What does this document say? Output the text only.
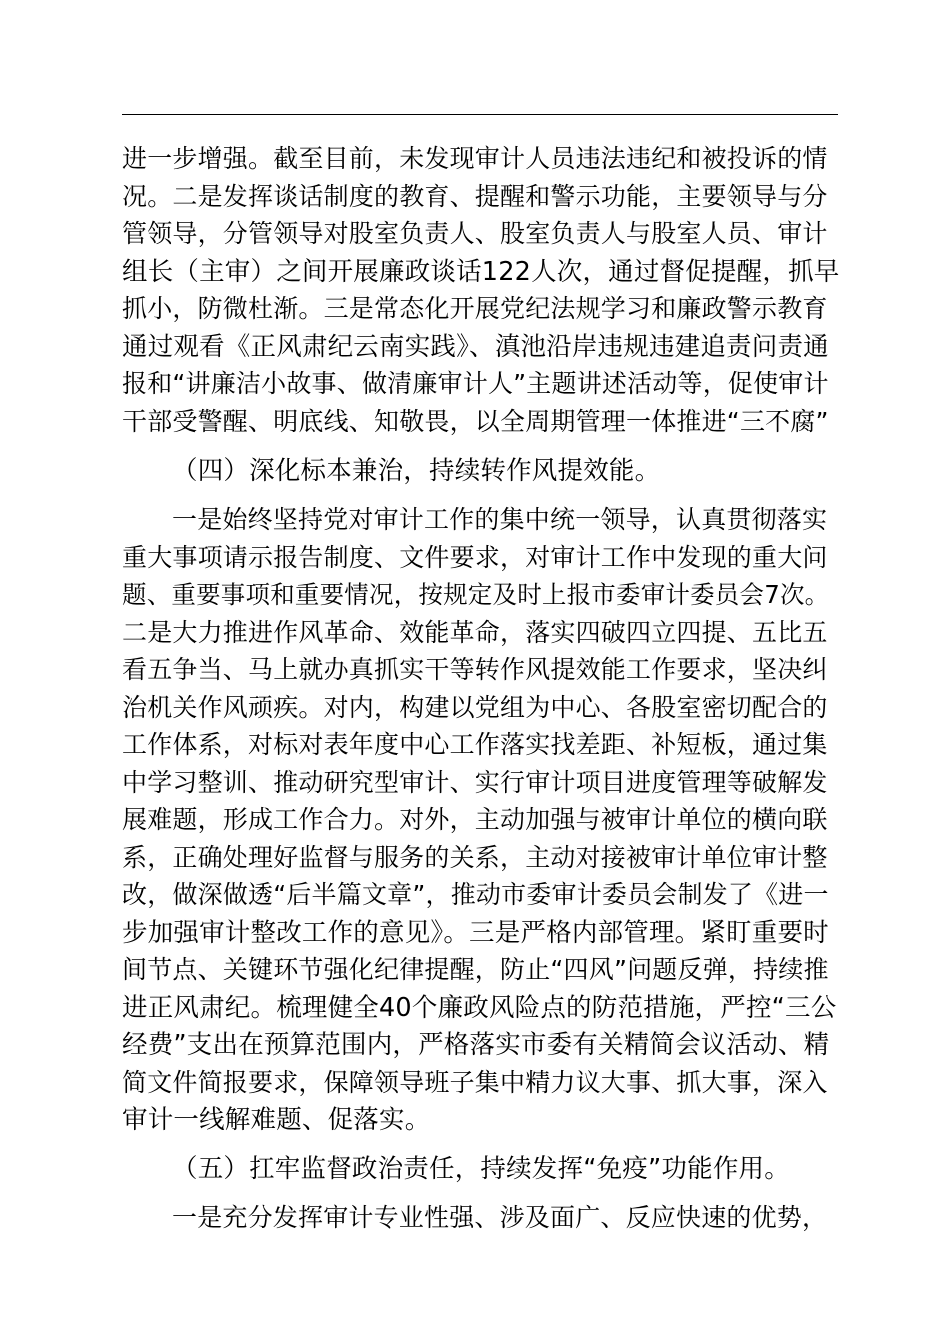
进一步增强。截至目前，未发现审计人员违法违纪和被投诉的情
况。二是发挥谈话制度的教育、提醒和警示功能，主要领导与分
管领导，分管领导对股室负责人、股室负责人与股室人员、审计
组长（主审）之间开展廉政谈话122人次，通过督促提醒，抓早
抓小，防微杜渐。三是常态化开展党纪法规学习和廉政警示教育
通过观看《正风肃纪云南实践》、滇池沿岸违规违建追责问责通
报和“讲廉洁小故事、做清廉审计人”主题讲述活动等，促使审计
干部受警醒、明底线、知敬畏，以全周期管理一体推进“三不腐”
（四）深化标本兼治，持续转作风提效能。
一是始终坚持党对审计工作的集中统一领导，认真贯彻落实
重大事项请示报告制度、文件要求，对审计工作中发现的重大问
题、重要事项和重要情况，按规定及时上报市委审计委员会7次。
二是大力推进作风革命、效能革命，落实四破四立四提、五比五
看五争当、马上就办真抓实干等转作风提效能工作要求，坚决纠
治机关作风顽疾。对内，构建以党组为中心、各股室密切配合的
工作体系，对标对表年度中心工作落实找差距、补短板，通过集
中学习整训、推动研究型审计、实行审计项目进度管理等破解发
展难题，形成工作合力。对外，主动加强与被审计单位的横向联
系，正确处理好监督与服务的关系，主动对接被审计单位审计整
改，做深做透“后半篇文章”，推动市委审计委员会制发了《进一
步加强审计整改工作的意见》。三是严格内部管理。紧盯重要时
间节点、关键环节强化纪律提醒，防止“四风”问题反弹，持续推
进正风肃纪。梳理健全40个廉政风险点的防范措施，严控“三公
经费”支出在预算范围内，严格落实市委有关精简会议活动、精
简文件简报要求，保障领导班子集中精力议大事、抓大事，深入
审计一线解难题、促落实。
（五）扛牢监督政治责任，持续发挥“免疫”功能作用。
一是充分发挥审计专业性强、涉及面广、反应快速的优势，
